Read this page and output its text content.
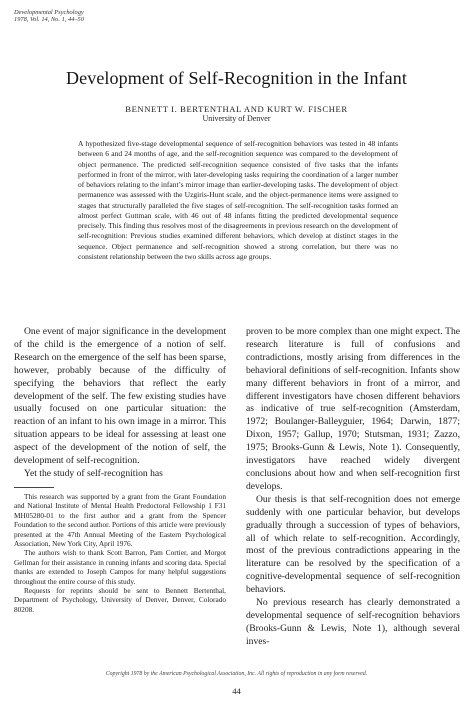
Developmental Psychology
1978, Vol. 14, No. 1, 44–50
Development of Self-Recognition in the Infant
BENNETT I. BERTENTHAL AND KURT W. FISCHER
University of Denver
A hypothesized five-stage developmental sequence of self-recognition behaviors was tested in 48 infants between 6 and 24 months of age, and the self-recognition sequence was compared to the development of object permanence. The predicted self-recognition sequence consisted of five tasks that the infants performed in front of the mirror, with later-developing tasks requiring the coordination of a larger number of behaviors relating to the infant’s mirror image than earlier-developing tasks. The development of object permanence was assessed with the Uzgiris-Hunt scale, and the object-permanence items were assigned to stages that structurally paralleled the five stages of self-recognition. The self-recognition tasks formed an almost perfect Guttman scale, with 46 out of 48 infants fitting the predicted developmental sequence precisely. This finding thus resolves most of the disagreements in previous research on the development of self-recognition: Previous studies examined different behaviors, which develop at distinct stages in the sequence. Object permanence and self-recognition showed a strong correlation, but there was no consistent relationship between the two skills across age groups.

One event of major significance in the development of the child is the emergence of a notion of self. Research on the emergence of the self has been sparse, however, probably because of the difficulty of specifying the behaviors that reflect the early development of the self. The few existing studies have usually focused on one particular situation: the reaction of an infant to his own image in a mirror. This situation appears to be ideal for assessing at least one aspect of the development of the notion of self, the development of self-recognition.

Yet the study of self-recognition has

This research was supported by a grant from the Grant Foundation and National Institute of Mental Health Predoctoral Fellowship 1 F31 MH05280-01 to the first author and a grant from the Spencer Foundation to the second author. Portions of this article were previously presented at the 47th Annual Meeting of the Eastern Psychological Association, New York City, April 1976.

The authors wish to thank Scott Barron, Pam Cortier, and Morgot Gellman for their assistance in running infants and scoring data. Special thanks are extended to Joseph Campos for many helpful suggestions throughout the entire course of this study.

Requests for reprints should be sent to Bennett Bertenthal, Department of Psychology, University of Denver, Denver, Colorado 80208.

proven to be more complex than one might expect. The research literature is full of confusions and contradictions, mostly arising from differences in the behavioral definitions of self-recognition. Infants show many different behaviors in front of a mirror, and different investigators have chosen different behaviors as indicative of true self-recognition (Amsterdam, 1972; Boulanger-Balleyguier, 1964; Darwin, 1877; Dixon, 1957; Gallup, 1970; Stutsman, 1931; Zazzo, 1975; Brooks-Gunn & Lewis, Note 1). Consequently, investigators have reached widely divergent conclusions about how and when self-recognition first develops.

Our thesis is that self-recognition does not emerge suddenly with one particular behavior, but develops gradually through a succession of types of behaviors, all of which relate to self-recognition. Accordingly, most of the previous contradictions appearing in the literature can be resolved by the specification of a cognitive-developmental sequence of self-recognition behaviors.

No previous research has clearly demonstrated a developmental sequence of self-recognition behaviors (Brooks-Gunn & Lewis, Note 1), although several inves-

Copyright 1978 by the American Psychological Association, Inc. All rights of reproduction in any form reserved.
44
